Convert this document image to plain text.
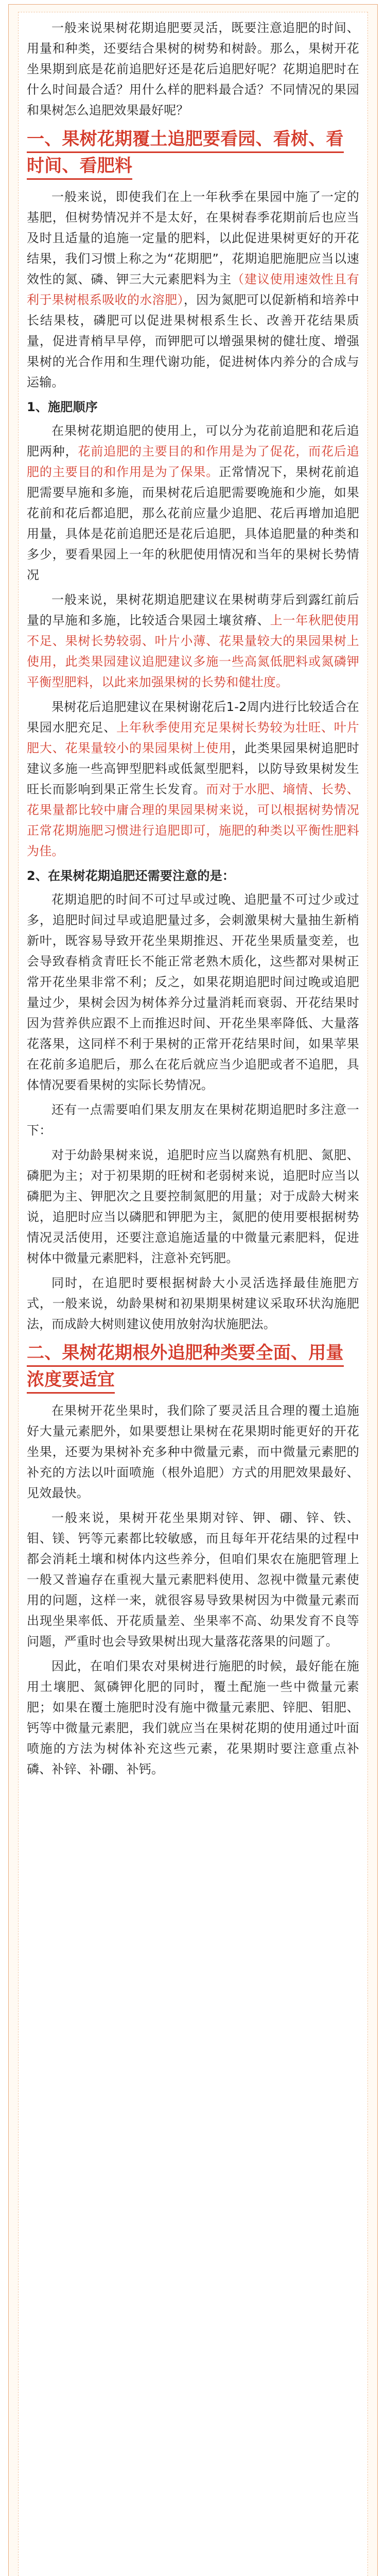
一般来说果树花期追肥要灵活，既要注意追肥的时间、用量和种类，还要结合果树的树势和树龄。那么，果树开花坐果期到底是花前追肥好还是花后追肥好呢？花期追肥时在什么时间最合适？用什么样的肥料最合适？不同情况的果园和果树怎么追肥效果最好呢？

一、果树花期覆土追肥要看园、看树、看时间、看肥料

一般来说，即使我们在上一年秋季在果园中施了一定的基肥，但树势情况并不是太好，在果树春季花期前后也应当及时且适量的追施一定量的肥料，以此促进果树更好的开花结果，我们习惯上称之为“花期肥”，花期追肥施肥应当以速效性的氮、磷、钾三大元素肥料为主（建议使用速效性且有利于果树根系吸收的水溶肥），因为氮肥可以促新梢和培养中长结果枝，磷肥可以促进果树根系生长、改善开花结果质量，促进青梢早早停，而钾肥可以增强果树的健壮度、增强果树的光合作用和生理代谢功能，促进树体内养分的合成与运输。

1、施肥顺序

在果树花期追肥的使用上，可以分为花前追肥和花后追肥两种，花前追肥的主要目的和作用是为了促花，而花后追肥的主要目的和作用是为了保果。正常情况下，果树花前追肥需要早施和多施，而果树花后追肥需要晚施和少施，如果花前和花后都追肥，那么花前应量少追肥、花后再增加追肥用量，具体是花前追肥还是花后追肥，具体追肥量的种类和多少，要看果园上一年的秋肥使用情况和当年的果树长势情况

一般来说，果树花期追肥建议在果树萌芽后到露红前后量的早施和多施，比较适合果园土壤贫瘠、上一年秋肥使用不足、果树长势较弱、叶片小薄、花果量较大的果园果树上使用，此类果园建议追肥建议多施一些高氮低肥料或氮磷钾平衡型肥料，以此来加强果树的长势和健壮度。

果树花后追肥建议在果树谢花后1-2周内进行比较适合在果园水肥充足、上年秋季使用充足果树长势较为壮旺、叶片肥大、花果量较小的果园果树上使用，此类果园果树追肥时建议多施一些高钾型肥料或低氮型肥料，以防导致果树发生旺长而影响到果正常生长发育。而对于水肥、墒情、长势、花果量都比较中庸合理的果园果树来说，可以根据树势情况正常花期施肥习惯进行追肥即可，施肥的种类以平衡性肥料为佳。

2、在果树花期追肥还需要注意的是：

花期追肥的时间不可过早或过晚、追肥量不可过少或过多，追肥时间过早或追肥量过多，会刺激果树大量抽生新梢新叶，既容易导致开花坐果期推迟、开花坐果质量变差，也会导致春梢贪青旺长不能正常老熟木质化，这些都对果树正常开花坐果非常不利；反之，如果花期追肥时间过晚或追肥量过少，果树会因为树体养分过量消耗而衰弱、开花结果时因为营养供应跟不上而推迟时间、开花坐果率降低、大量落花落果，这同样不利于果树的正常开花结果时间，如果苹果在花前多追肥后，那么在花后就应当少追肥或者不追肥，具体情况要看果树的实际长势情况。

还有一点需要咱们果友朋友在果树花期追肥时多注意一下：

对于幼龄果树来说，追肥时应当以腐熟有机肥、氮肥、磷肥为主；对于初果期的旺树和老弱树来说，追肥时应当以磷肥为主、钾肥次之且要控制氮肥的用量；对于成龄大树来说，追肥时应当以磷肥和钾肥为主，氮肥的使用要根据树势情况灵活使用，还要注意追施适量的中微量元素肥料，促进树体中微量元素肥料，注意补充钙肥。

同时，在追肥时要根据树龄大小灵活选择最佳施肥方式，一般来说，幼龄果树和初果期果树建议采取环状沟施肥法，而成龄大树则建议使用放射沟状施肥法。

二、果树花期根外追肥种类要全面、用量浓度要适宜

在果树开花坐果时，我们除了要灵活且合理的覆土追施好大量元素肥外，如果要想让果树在花果期时能更好的开花坐果，还要为果树补充多种中微量元素，而中微量元素肥的补充的方法以叶面喷施（根外追肥）方式的用肥效果最好、见效最快。

一般来说，果树开花坐果期对锌、钾、硼、锌、铁、钼、镁、钙等元素都比较敏感，而且每年开花结果的过程中都会消耗土壤和树体内这些养分，但咱们果农在施肥管理上一般又普遍存在重视大量元素肥料使用、忽视中微量元素使用的问题，这样一来，就很容易导致果树因为中微量元素而出现坐果率低、开花质量差、坐果率不高、幼果发育不良等问题，严重时也会导致果树出现大量落花落果的问题了。

因此，在咱们果农对果树进行施肥的时候，最好能在施用土壤肥、氮磷钾化肥的同时，覆土配施一些中微量元素肥；如果在覆土施肥时没有施中微量元素肥、锌肥、钼肥、钙等中微量元素肥，我们就应当在果树花期的使用通过叶面喷施的方法为树体补充这些元素，花果期时要注意重点补磷、补锌、补硼、补钙。
